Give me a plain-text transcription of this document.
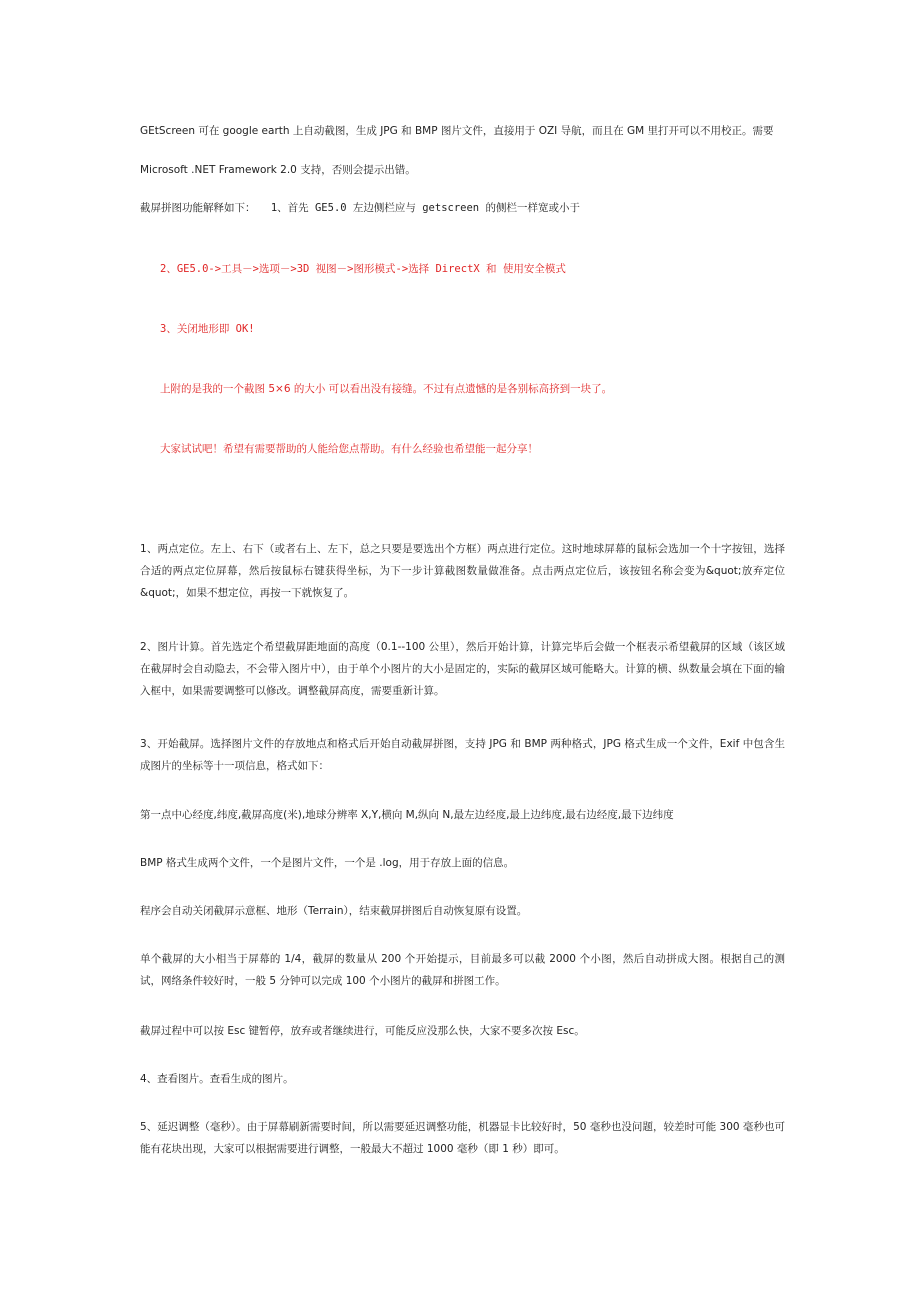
GEtScreen 可在 google earth 上自动截图，生成 JPG 和 BMP 图片文件，直接用于 OZI 导航，而且在 GM 里打开可以不用校正。需要
Microsoft .NET Framework 2.0 支持，否则会提示出错。
截屏拼图功能解释如下： 1、首先 GE5.0 左边侧栏应与 getscreen 的侧栏一样宽或小于
2、GE5.0->工具－>选项－>3D 视图－>图形模式->选择 DirectX 和 使用安全模式
3、关闭地形即 OK!
上附的是我的一个截图 5×6 的大小 可以看出没有接缝。不过有点遗憾的是各别标高挤到一块了。
大家试试吧！希望有需要帮助的人能给您点帮助。有什么经验也希望能一起分享！
1、两点定位。左上、右下（或者右上、左下，总之只要是要选出个方框）两点进行定位。这时地球屏幕的鼠标会选加一个十字按钮，选择合适的两点定位屏幕，然后按鼠标右键获得坐标，为下一步计算截图数量做准备。点击两点定位后，该按钮名称会变为&quot;放弃定位&quot;，如果不想定位，再按一下就恢复了。
2、图片计算。首先选定个希望截屏距地面的高度（0.1--100 公里），然后开始计算，计算完毕后会做一个框表示希望截屏的区域（该区域在截屏时会自动隐去，不会带入图片中），由于单个小图片的大小是固定的，实际的截屏区域可能略大。计算的横、纵数量会填在下面的输入框中，如果需要调整可以修改。调整截屏高度，需要重新计算。
3、开始截屏。选择图片文件的存放地点和格式后开始自动截屏拼图，支持 JPG 和 BMP 两种格式，JPG 格式生成一个文件，Exif 中包含生成图片的坐标等十一项信息，格式如下：
第一点中心经度,纬度,截屏高度(米),地球分辨率 X,Y,横向 M,纵向 N,最左边经度,最上边纬度,最右边经度,最下边纬度
BMP 格式生成两个文件，一个是图片文件，一个是 .log，用于存放上面的信息。
程序会自动关闭截屏示意框、地形（Terrain），结束截屏拼图后自动恢复原有设置。
单个截屏的大小相当于屏幕的 1/4，截屏的数量从 200 个开始提示，目前最多可以截 2000 个小图，然后自动拼成大图。根据自己的测试，网络条件较好时，一般 5 分钟可以完成 100 个小图片的截屏和拼图工作。
截屏过程中可以按 Esc 键暂停，放弃或者继续进行，可能反应没那么快，大家不要多次按 Esc。
4、查看图片。查看生成的图片。
5、延迟调整（毫秒）。由于屏幕刷新需要时间，所以需要延迟调整功能，机器显卡比较好时，50 毫秒也没问题，较差时可能 300 毫秒也可能有花块出现，大家可以根据需要进行调整，一般最大不超过 1000 毫秒（即 1 秒）即可。
